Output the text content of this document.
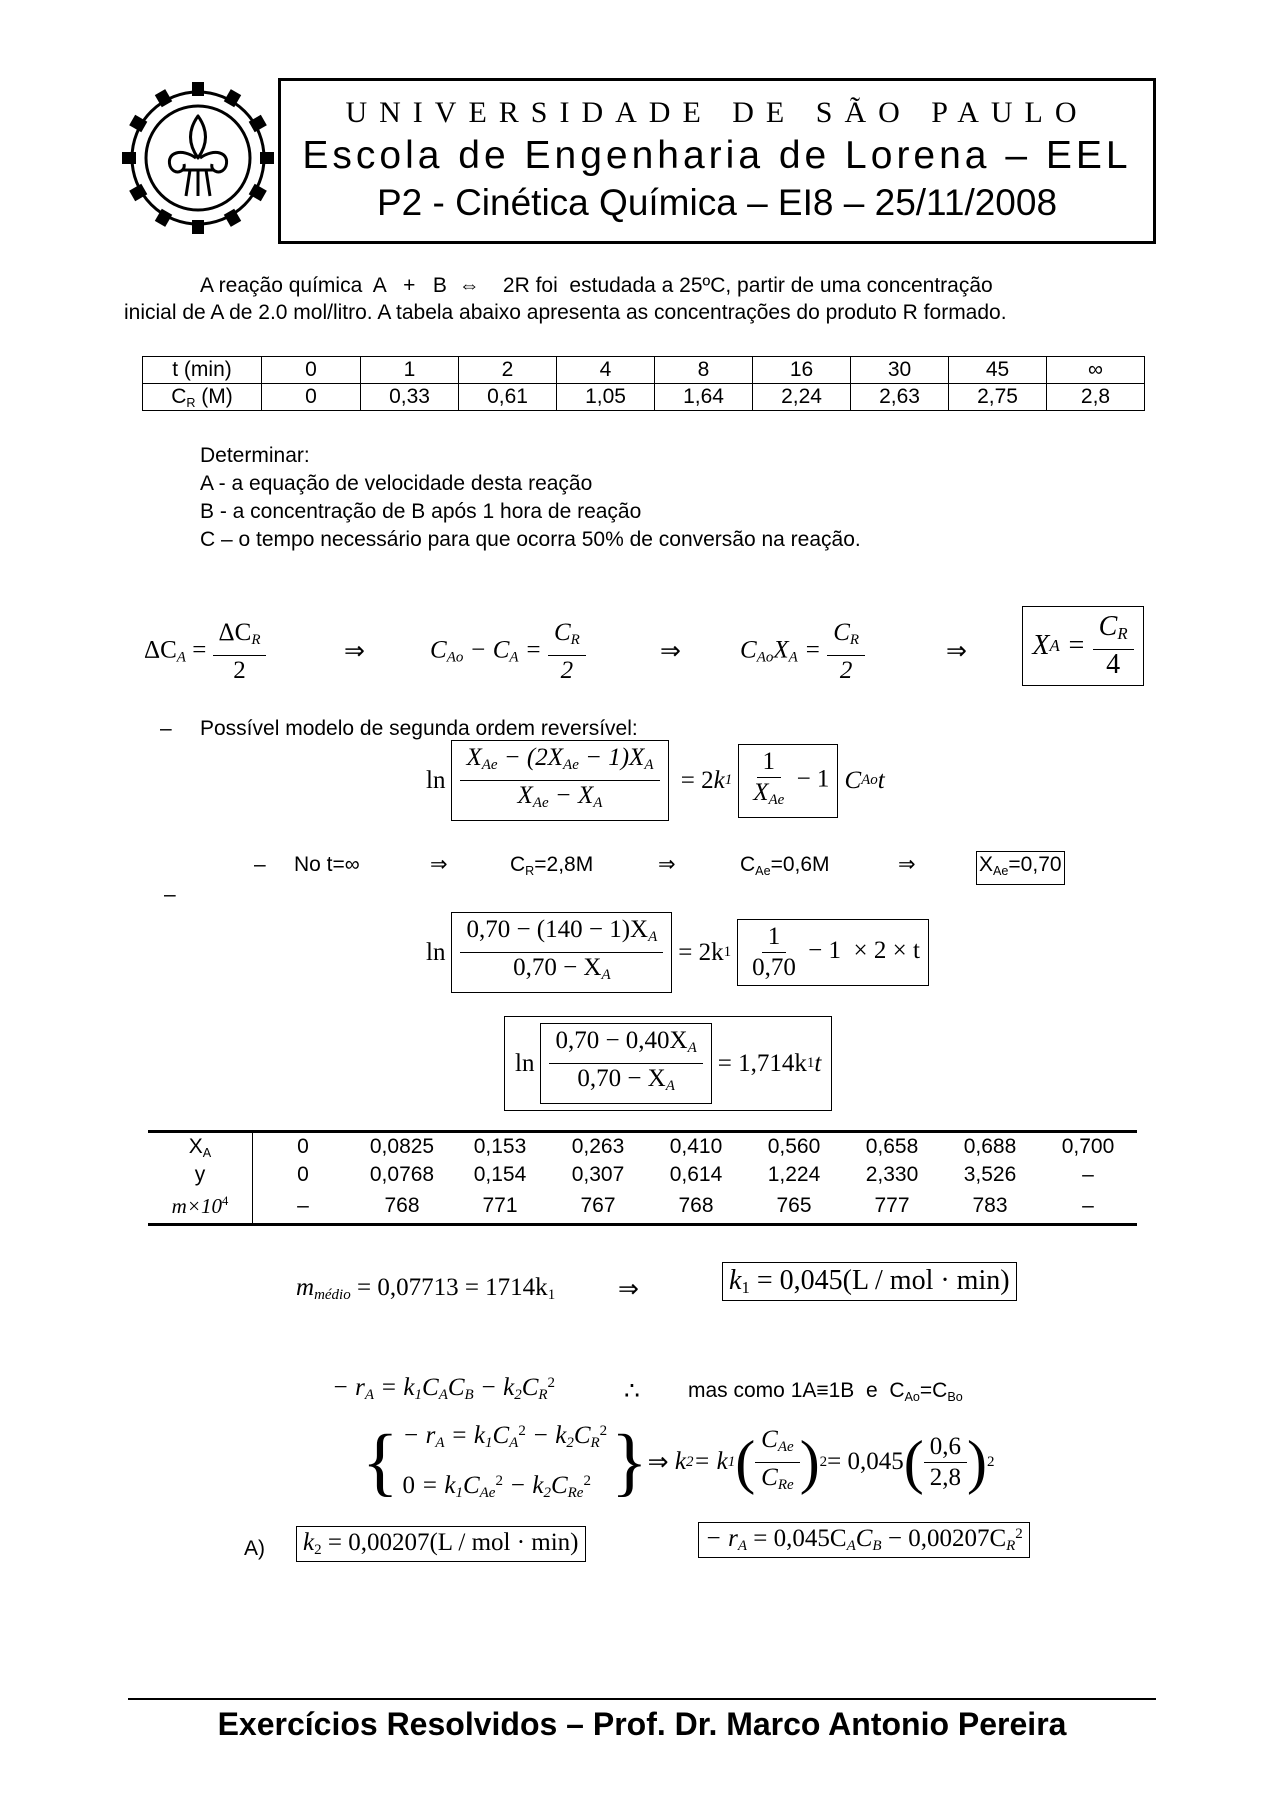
UNIVERSIDADE DE SÃO PAULO
Escola de Engenharia de Lorena – EEL
P2 - Cinética Química – EI8 – 25/11/2008
A reação química  A   +   B  ⇔    2R foi  estudada a 25ºC, partir de uma concentração
inicial de A de 2.0 mol/litro. A tabela abaixo apresenta as concentrações do produto R formado.
t (min)	0	1	2	4	8	16	30	45	∞
$C_R$ (M)	0	0,33	0,61	1,05	1,64	2,24	2,63	2,75	2,8
Determinar:
A - a equação de velocidade desta reação
B - a concentração de B após 1 hora de reação
C – o tempo necessário para que ocorra 50% de conversão na reação.
$\Delta C_A = \frac{\Delta C_R}{2}$	⇒	$C_{Ao} - C_A = \frac{C_R}{2}$	⇒ $C_{Ao}X_A = \frac{C_R}{2}$	⇒	X $A = \frac{C_R}{4}$
– Possível modelo de segunda ordem reversível:
$\ln \frac{X_{Ae} - (2X_{Ae} - 1)X_A}{X_{Ae} - X_A} = 2$ k $1 \frac{1}{X_{Ae}} - 1$ C Ao t
– No t=∞	⇒	$C_R=2,8M$	⇒	$C_{Ae}=0,6M$	⇒	$X_{Ae}=0,70$
–
$\ln \frac{0,70 - (140 - 1)X_A}{0,70 - X_A} = 2k$ $1 \frac{1}{0,70} - 1 \times 2 \times t$
$\ln \frac{0,70 - 0,40X_A}{0,70 - X_A} = 1,714k$ 1 t
$X_A$	0	0,0825	0,153	0,263	0,410	0,560	0,658	0,688	0,700
y	0	0,0768	0,154	0,307	0,614	1,224	2,330	3,526	–
$m\times 10^4$	–	768	771	767	768	765	777	783	–
$m_{médio} = 0,07713 = 1714k_1$	⇒	$k_1 = 0,045(L$ / mol · min)
− $r_A = k_1C_AC_B - k_2C_R^2$	∴ mas como 1A≡1B  e  $C_{Ao}=C_{Bo}$
{ − $r_A = k_1C_A^2 - k_2C_R^2$
$0 = k_1C_{Ae}^2 - k_2C_{Re}^2$ } ⇒ k 2 = k 1 ( $\frac{C_{Ae}}{C_{Re}}$ ) 2 = 0,045 ( $\frac{0,6}{2,8}$ ) 2
A) $k_2 = 0,00207(L$ / mol · min)	− $r_A = 0,045C_AC_B - 0,00207C_R^2$
Exercícios Resolvidos – Prof. Dr. Marco Antonio Pereira
